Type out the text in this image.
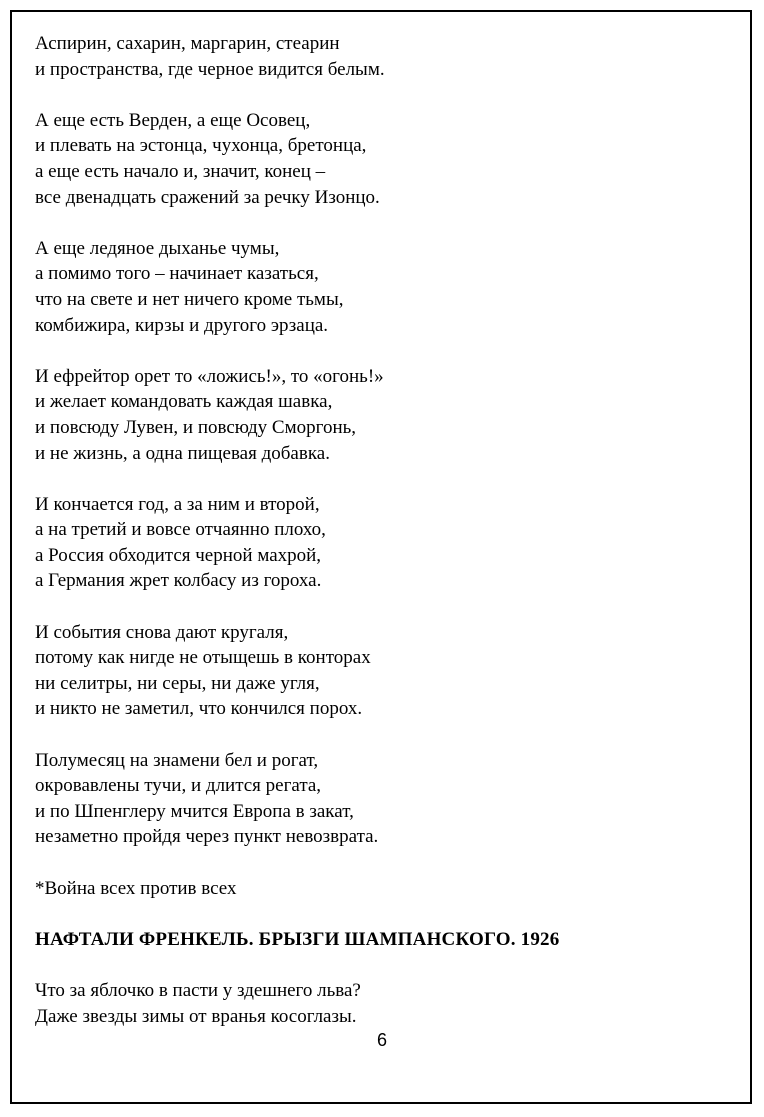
Аспирин, сахарин, маргарин, стеарин
и пространства, где черное видится белым.
А еще есть Верден, а еще Осовец,
и плевать на эстонца, чухонца, бретонца,
а еще есть начало и, значит, конец –
все двенадцать сражений за речку Изонцо.
А еще ледяное дыханье чумы,
а помимо того – начинает казаться,
что на свете и нет ничего кроме тьмы,
комбижира, кирзы и другого эрзаца.
И ефрейтор орет то «ложись!», то «огонь!»
и желает командовать каждая шавка,
и повсюду Лувен, и повсюду Сморгонь,
и не жизнь, а одна пищевая добавка.
И кончается год, а за ним и второй,
а на третий и вовсе отчаянно плохо,
а Россия обходится черной махрой,
а Германия жрет колбасу из гороха.
И события снова дают кругаля,
потому как нигде не отыщешь в конторах
ни селитры, ни серы, ни даже угля,
и никто не заметил, что кончился порох.
Полумесяц на знамени бел и рогат,
окровавлены тучи, и длится регата,
и по Шпенглеру мчится Европа в закат,
незаметно пройдя через пункт невозврата.
*Война всех против всех
НАФТАЛИ ФРЕНКЕЛЬ. БРЫЗГИ ШАМПАНСКОГО. 1926
Что за яблочко в пасти у здешнего льва?
Даже звезды зимы от вранья косоглазы.
6
